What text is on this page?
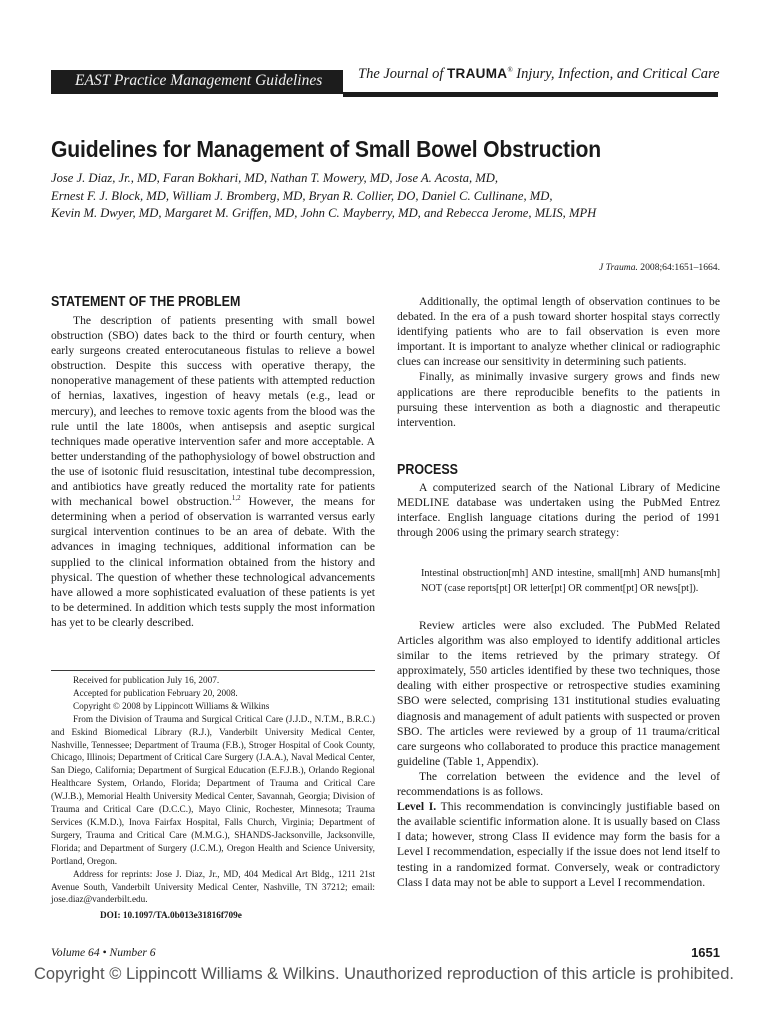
EAST Practice Management Guidelines The Journal of TRAUMA® Injury, Infection, and Critical Care
Guidelines for Management of Small Bowel Obstruction
Jose J. Diaz, Jr., MD, Faran Bokhari, MD, Nathan T. Mowery, MD, Jose A. Acosta, MD,
Ernest F. J. Block, MD, William J. Bromberg, MD, Bryan R. Collier, DO, Daniel C. Cullinane, MD,
Kevin M. Dwyer, MD, Margaret M. Griffen, MD, John C. Mayberry, MD, and Rebecca Jerome, MLIS, MPH
J Trauma. 2008;64:1651–1664.
STATEMENT OF THE PROBLEM

The description of patients presenting with small bowel obstruction (SBO) dates back to the third or fourth century, when early surgeons created enterocutaneous fistulas to relieve a bowel obstruction. Despite this success with operative therapy, the nonoperative management of these patients with attempted reduction of hernias, laxatives, ingestion of heavy metals (e.g., lead or mercury), and leeches to remove toxic agents from the blood was the rule until the late 1800s, when antisepsis and aseptic surgical techniques made operative intervention safer and more acceptable. A better understanding of the pathophysiology of bowel obstruction and the use of isotonic fluid resuscitation, intestinal tube decompression, and antibiotics have greatly reduced the mortality rate for patients with mechanical bowel obstruction.$^{1,2}$ However, the means for determining when a period of observation is warranted versus early surgical intervention continues to be an area of debate. With the advances in imaging techniques, additional information can be supplied to the clinical information obtained from the history and physical. The question of whether these technological advancements have allowed a more sophisticated evaluation of these patients is yet to be determined. In addition which tests supply the most information has yet to be clearly described.

Received for publication July 16, 2007.

Accepted for publication February 20, 2008.

Copyright © 2008 by Lippincott Williams & Wilkins

From the Division of Trauma and Surgical Critical Care (J.J.D., N.T.M., B.R.C.) and Eskind Biomedical Library (R.J.), Vanderbilt University Medical Center, Nashville, Tennessee; Department of Trauma (F.B.), Stroger Hospital of Cook County, Chicago, Illinois; Department of Critical Care Surgery (J.A.A.), Naval Medical Center, San Diego, California; Department of Surgical Education (E.F.J.B.), Orlando Regional Healthcare System, Orlando, Florida; Department of Trauma and Critical Care (W.J.B.), Memorial Health University Medical Center, Savannah, Georgia; Division of Trauma and Critical Care (D.C.C.), Mayo Clinic, Rochester, Minnesota; Trauma Services (K.M.D.), Inova Fairfax Hospital, Falls Church, Virginia; Department of Surgery, Trauma and Critical Care (M.M.G.), SHANDS-Jacksonville, Jacksonville, Florida; and Department of Surgery (J.C.M.), Oregon Health and Science University, Portland, Oregon.

Address for reprints: Jose J. Diaz, Jr., MD, 404 Medical Art Bldg., 1211 21st Avenue South, Vanderbilt University Medical Center, Nashville, TN 37212; email: jose.diaz@vanderbilt.edu.

DOI: 10.1097/TA.0b013e31816f709e

Additionally, the optimal length of observation continues to be debated. In the era of a push toward shorter hospital stays correctly identifying patients who are to fail observation is even more important. It is important to analyze whether clinical or radiographic clues can increase our sensitivity in determining such patients.

Finally, as minimally invasive surgery grows and finds new applications are there reproducible benefits to the patients in pursuing these intervention as both a diagnostic and therapeutic intervention.

PROCESS

A computerized search of the National Library of Medicine MEDLINE database was undertaken using the PubMed Entrez interface. English language citations during the period of 1991 through 2006 using the primary search strategy:

Intestinal obstruction[mh] AND intestine, small[mh] AND humans[mh] NOT (case reports[pt] OR letter[pt] OR comment[pt] OR news[pt]).

Review articles were also excluded. The PubMed Related Articles algorithm was also employed to identify additional articles similar to the items retrieved by the primary strategy. Of approximately, 550 articles identified by these two techniques, those dealing with either prospective or retrospective studies examining SBO were selected, comprising 131 institutional studies evaluating diagnosis and management of adult patients with suspected or proven SBO. The articles were reviewed by a group of 11 trauma/critical care surgeons who collaborated to produce this practice management guideline (Table 1, Appendix).

The correlation between the evidence and the level of recommendations is as follows.

Level I. This recommendation is convincingly justifiable based on the available scientific information alone. It is usually based on Class I data; however, strong Class II evidence may form the basis for a Level I recommendation, especially if the issue does not lend itself to testing in a randomized format. Conversely, weak or contradictory Class I data may not be able to support a Level I recommendation.

Volume 64 • Number 6	1651
Copyright © Lippincott Williams & Wilkins. Unauthorized reproduction of this article is prohibited.
